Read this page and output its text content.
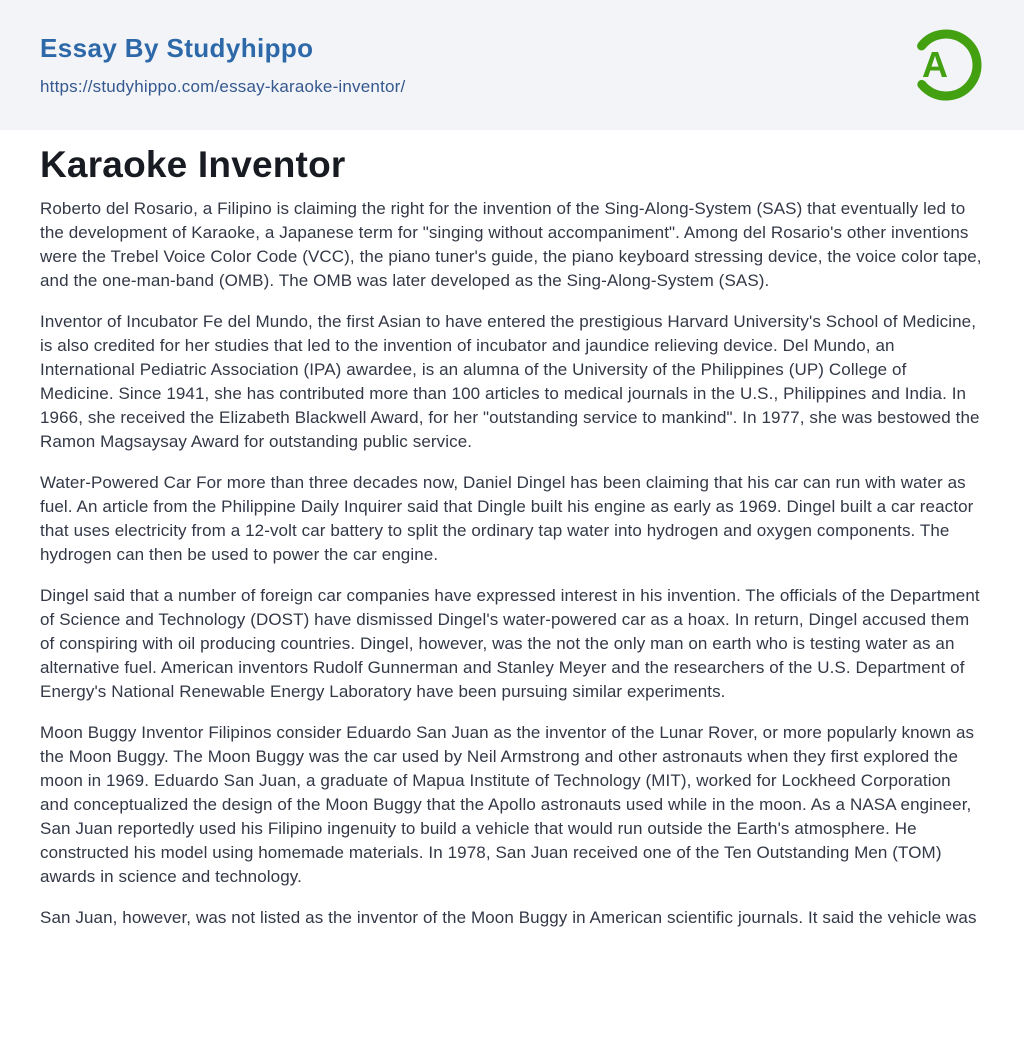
Essay By Studyhippo
https://studyhippo.com/essay-karaoke-inventor/
A
Karaoke Inventor

Roberto del Rosario, a Filipino is claiming the right for the invention of the Sing-Along-System (SAS) that eventually led to the development of Karaoke, a Japanese term for "singing without accompaniment". Among del Rosario's other inventions were the Trebel Voice Color Code (VCC), the piano tuner's guide, the piano keyboard stressing device, the voice color tape, and the one-man-band (OMB). The OMB was later developed as the Sing-Along-System (SAS).

Inventor of Incubator Fe del Mundo, the first Asian to have entered the prestigious Harvard University's School of Medicine, is also credited for her studies that led to the invention of incubator and jaundice relieving device. Del Mundo, an International Pediatric Association (IPA) awardee, is an alumna of the University of the Philippines (UP) College of Medicine. Since 1941, she has contributed more than 100 articles to medical journals in the U.S., Philippines and India. In 1966, she received the Elizabeth Blackwell Award, for her "outstanding service to mankind". In 1977, she was bestowed the Ramon Magsaysay Award for outstanding public service.

Water-Powered Car For more than three decades now, Daniel Dingel has been claiming that his car can run with water as fuel. An article from the Philippine Daily Inquirer said that Dingle built his engine as early as 1969. Dingel built a car reactor that uses electricity from a 12-volt car battery to split the ordinary tap water into hydrogen and oxygen components. The hydrogen can then be used to power the car engine.

Dingel said that a number of foreign car companies have expressed interest in his invention. The officials of the Department of Science and Technology (DOST) have dismissed Dingel's water-powered car as a hoax. In return, Dingel accused them of conspiring with oil producing countries. Dingel, however, was the not the only man on earth who is testing water as an alternative fuel. American inventors Rudolf Gunnerman and Stanley Meyer and the researchers of the U.S. Department of Energy's National Renewable Energy Laboratory have been pursuing similar experiments.

Moon Buggy Inventor Filipinos consider Eduardo San Juan as the inventor of the Lunar Rover, or more popularly known as the Moon Buggy. The Moon Buggy was the car used by Neil Armstrong and other astronauts when they first explored the moon in 1969. Eduardo San Juan, a graduate of Mapua Institute of Technology (MIT), worked for Lockheed Corporation and conceptualized the design of the Moon Buggy that the Apollo astronauts used while in the moon. As a NASA engineer, San Juan reportedly used his Filipino ingenuity to build a vehicle that would run outside the Earth's atmosphere. He constructed his model using homemade materials. In 1978, San Juan received one of the Ten Outstanding Men (TOM) awards in science and technology.

San Juan, however, was not listed as the inventor of the Moon Buggy in American scientific journals. It said the vehicle was
